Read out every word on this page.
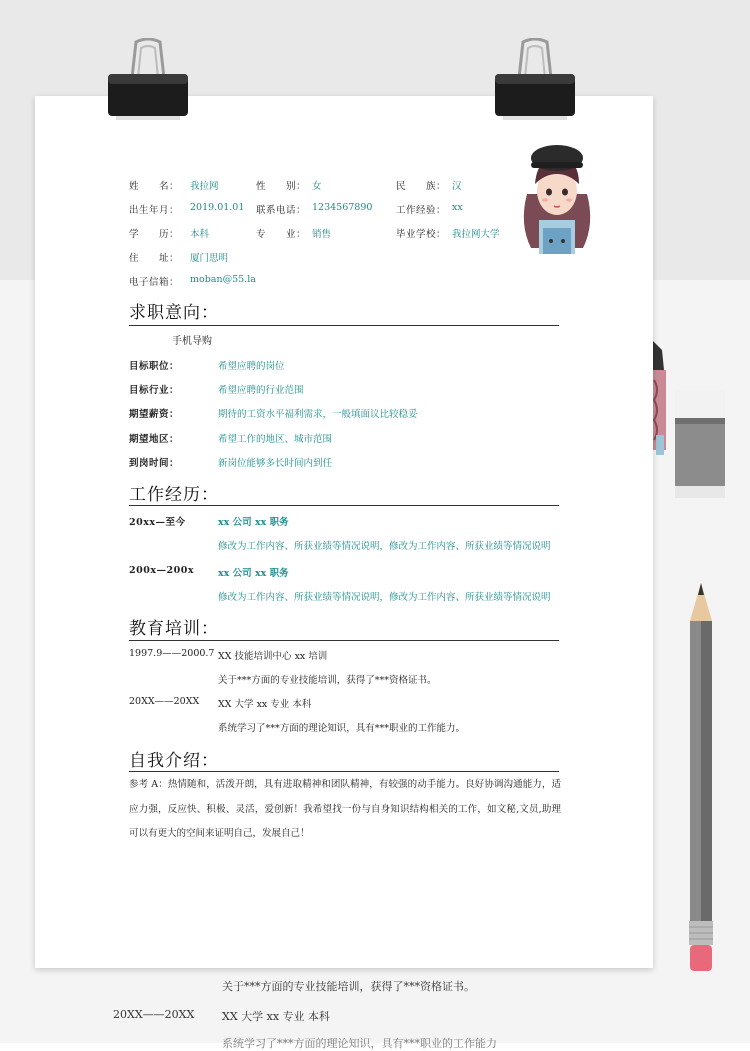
关于***方面的专业技能培训，获得了***资格证书。
20XX——20XX	XX 大学 xx 专业 本科
系统学习了***方面的理论知识，具有***职业的工作能力
姓　　名： 我拉网	性　　别： 女	民　　族： 汉
出生年月： 2019.01.01 联系电话： 1234567890 工作经验： xx
学　　历： 本科	专　　业： 销售	毕业学校： 我拉网大学
住　　址： 厦门思明
电子信箱： moban@55.la
求职意向：
手机导购
目标职位：	希望应聘的岗位
目标行业：	希望应聘的行业范围
期望薪资：	期待的工资水平福利需求，一般填面议比较稳妥
期望地区：	希望工作的地区、城市范围
到岗时间：	新岗位能够多长时间内到任
工作经历：
20xx—至今	xx 公司 xx 职务
修改为工作内容、所获业绩等情况说明，修改为工作内容、所获业绩等情况说明
200x—200x	xx 公司 xx 职务
修改为工作内容、所获业绩等情况说明，修改为工作内容、所获业绩等情况说明
教育培训：
1997.9——2000.7 XX 技能培训中心 xx 培训
关于***方面的专业技能培训，获得了***资格证书。
20XX——20XX XX 大学 xx 专业 本科
系统学习了***方面的理论知识，具有***职业的工作能力。
自我介绍：
参考 A：热情随和，活泼开朗，具有进取精神和团队精神，有较强的动手能力。良好协调沟通能力，适应力强，反应快、积极、灵活，爱创新！我希望找一份与自身知识结构相关的工作，如文秘,文员,助理可以有更大的空间来证明自己，发展自己！
